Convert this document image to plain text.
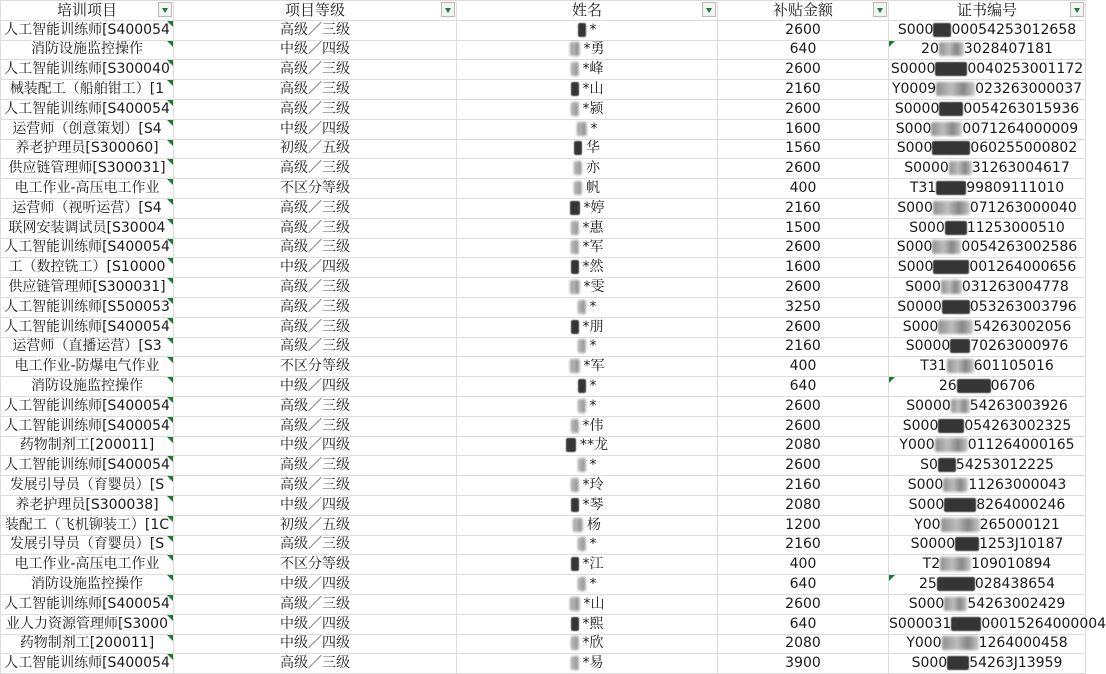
培训项目	项目等级	姓名	补贴金额	证书编号

人工智能训练师[S400054	高级／三级	*	2600	S000 00054253012658
消防设施监控操作	中级／四级	*勇	640	20 3028407181
人工智能训练师[S300040	高级／三级	*峰	2600	S0000 0040253001172
械装配工（船舶钳工）[1	高级／三级	*山	2160	Y0009 023263000037
人工智能训练师[S400054	高级／三级	*颍	2600	S0000 0054263015936
运营师（创意策划）[S4	中级／四级	*	1600	S000 0071264000009
养老护理员[S300060]	初级／五级	华	1560	S000 060255000802
供应链管理师[S300031]	高级／三级	亦	2600	S0000 31263004617
电工作业-高压电工作业	不区分等级	帆	400	T31 99809111010
运营师（视听运营）[S4	高级／三级	*婷	2160	S000 071263000040
联网安装调试员[S30004	高级／三级	*惠	1500	S000 11253000510
人工智能训练师[S400054	高级／三级	*军	2600	S000 0054263002586
工（数控铣工）[S10000	中级／四级	*然	1600	S000 001264000656
供应链管理师[S300031]	高级／三级	*雯	2600	S000 031263004778
人工智能训练师[S500053	高级／三级	*	3250	S0000 053263003796
人工智能训练师[S400054	高级／三级	*朋	2600	S000 54263002056
运营师（直播运营）[S3	高级／三级	*	2160	S0000 70263000976
电工作业-防爆电气作业	不区分等级	*军	400	T31 601105016
消防设施监控操作	中级／四级	*	640	26 06706
人工智能训练师[S400054	高级／三级	*	2600	S0000 54263003926
人工智能训练师[S400054	高级／三级	*伟	2600	S000 054263002325
药物制剂工[200011]	中级／四级	**龙	2080	Y000 011264000165
人工智能训练师[S400054	高级／三级	*	2600	S0 54253012225
发展引导员（育婴员）[S	高级／三级	*玲	2160	S000 11263000043
养老护理员[S300038]	中级／四级	*琴	2080	S000 8264000246
装配工（飞机铆装工）[1C	初级／五级	杨	1200	Y00 265000121
发展引导员（育婴员）[S	高级／三级	*	2160	S0000 1253J10187
电工作业-高压电工作业	不区分等级	*江	400	T2 109010894
消防设施监控操作	中级／四级	*	640	25 028438654
人工智能训练师[S400054	高级／三级	*山	2600	S000 54263002429
业人力资源管理师[S3000	中级／四级	*熙	640	S000031 00015264000004
药物制剂工[200011]	中级／四级	*欣	2080	Y000 1264000458
人工智能训练师[S400054	高级／三级	*易	3900	S000 54263J13959
